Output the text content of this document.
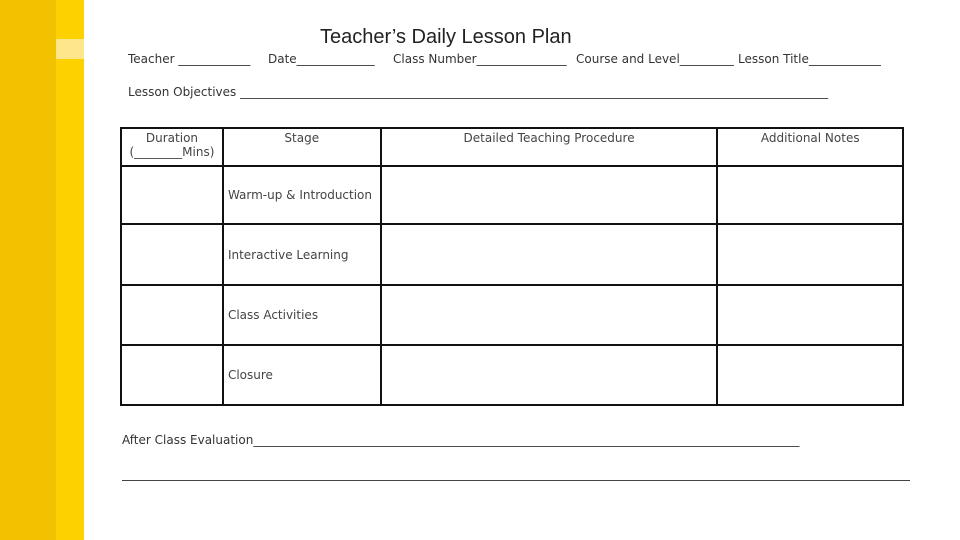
Teacher’s Daily Lesson Plan
Teacher ____________ Date_____________ Class Number_______________ Course and Level_________ Lesson Title____________
Lesson Objectives __________________________________________________________________________________________________
Duration
(________Mins)	Stage	Detailed Teaching Procedure	Additional Notes
	Warm-up & Introduction		
	Interactive Learning		
	Class Activities		
	Closure		
After Class Evaluation___________________________________________________________________________________________
